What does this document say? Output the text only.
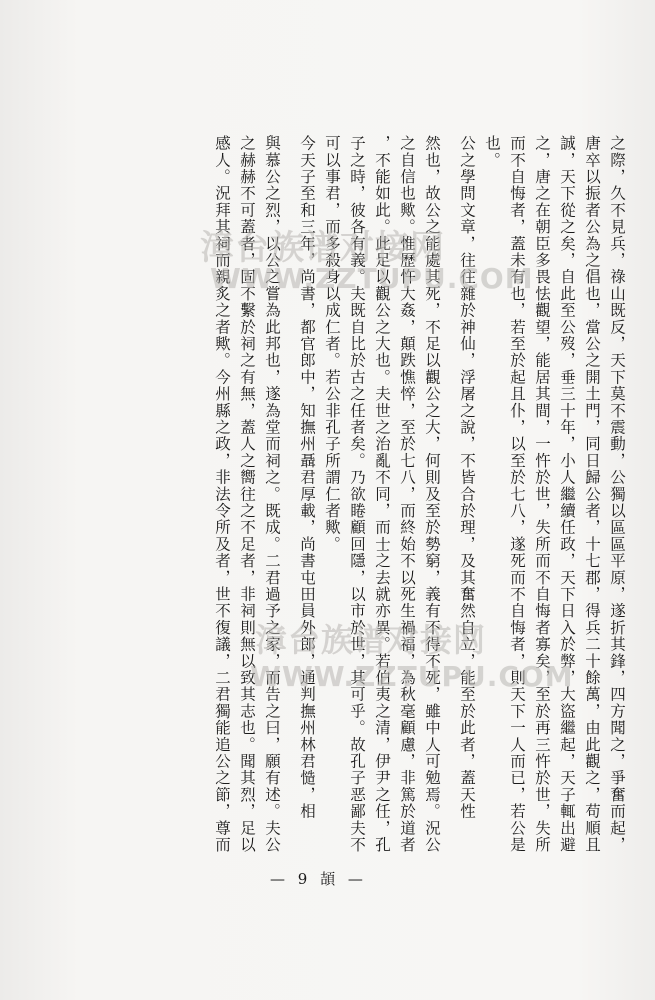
之際，久不見兵，祿山既反，天下莫不震動，公獨以區區平原，遂折其鋒，四方聞之，爭奮而起，
唐卒以振者公為之倡也，當公之開土門，同日歸公者，十七郡，得兵二十餘萬，由此觀之，苟順且
誠，天下從之矣，自此至公歿，垂三十年，小人繼續任政，天下日入於弊，大盜繼起，天子輒出避
之，唐之在朝臣多畏怯觀望，能居其間，一忤於世，失所而不自悔者寡矣，至於再三忤於世，失所
而不自悔者，蓋未有也，若至於起且仆，以至於七八，遂死而不自悔者，則天下一人而已，若公是
也。
公之學問文章，往往雜於神仙，浮屠之說，不皆合於理，及其奮然自立，能至於此者，蓋天性
然也，故公之能處其死，不足以觀公之大，何則及至於勢窮，義有不得不死，雖中人可勉焉。況公
之自信也歟。惟歷忤大姦，顛跌憔悴，至於七八，而終始不以死生禍福，為秋毫顧慮，非篤於道者
，不能如此。此足以觀公之大也。夫世之治亂不同，而士之去就亦異。若伯夷之清，伊尹之任，孔
子之時，彼各有義。夫既自比於古之任者矣。乃欲睠顧回隱，以市於世，其可乎。故孔子恶鄙夫不
可以事君，而多殺身以成仁者。若公非孔子所謂仁者歟。
今天子至和三年，尚書，都官郎中，知撫州聶君厚載，尚書屯田員外郎，通判撫州林君慥，相
與慕公之烈，以公之嘗為此邦也，遂為堂而祠之。既成。二君過予之家，而告之曰，願有述。夫公
之赫赫不可蓋者，固不繫於祠之有無，蓋人之嚮往之不足者，非祠則無以致其志也。聞其烈，足以
感人。況拜其祠而親炙之者歟。今州縣之政，非法令所及者，世不復議，二君獨能追公之節，尊而
漳台族谱对接网
WWW.ZZTUPU.COM
漳台族谱对接网
WWW.ZZTUPU.COM
— 9 頡 —
